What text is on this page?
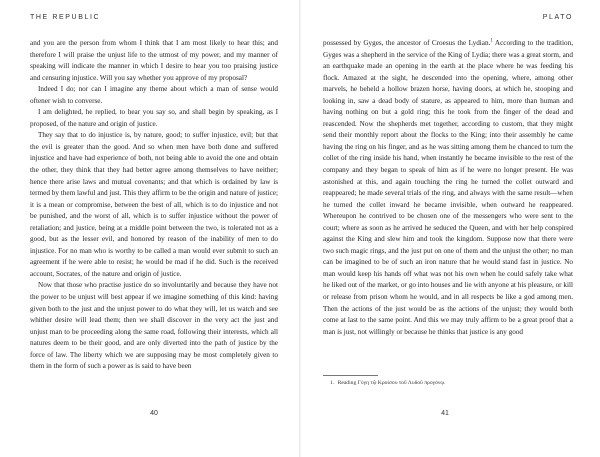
THE REPUBLIC

and you are the person from whom I think that I am most likely to hear this; and therefore I will praise the unjust life to the utmost of my power, and my manner of speaking will indicate the manner in which I desire to hear you too praising justice and censuring injustice. Will you say whether you approve of my proposal?

Indeed I do; nor can I imagine any theme about which a man of sense would oftener wish to converse.

I am delighted, he replied, to hear you say so, and shall begin by speaking, as I proposed, of the nature and origin of justice.

They say that to do injustice is, by nature, good; to suffer injustice, evil; but that the evil is greater than the good. And so when men have both done and suffered injustice and have had experience of both, not being able to avoid the one and obtain the other, they think that they had better agree among themselves to have neither; hence there arise laws and mutual covenants; and that which is ordained by law is termed by them lawful and just. This they affirm to be the origin and nature of justice; it is a mean or compromise, between the best of all, which is to do injustice and not be punished, and the worst of all, which is to suffer injustice without the power of retaliation; and justice, being at a middle point between the two, is tolerated not as a good, but as the lesser evil, and honored by reason of the inability of men to do injustice. For no man who is worthy to be called a man would ever submit to such an agreement if he were able to resist; he would be mad if he did. Such is the received account, Socrates, of the nature and origin of justice.

Now that those who practise justice do so involuntarily and because they have not the power to be unjust will best appear if we imagine something of this kind: having given both to the just and the unjust power to do what they will, let us watch and see whither desire will lead them; then we shall discover in the very act the just and unjust man to be proceeding along the same road, following their interests, which all natures deem to be their good, and are only diverted into the path of justice by the force of law. The liberty which we are supposing may be most completely given to them in the form of such a power as is said to have been

40
PLATO

possessed by Gyges, the ancestor of Croesus the Lydian.$^1$ According to the tradition, Gyges was a shepherd in the service of the King of Lydia; there was a great storm, and an earthquake made an opening in the earth at the place where he was feeding his flock. Amazed at the sight, he descended into the opening, where, among other marvels, he beheld a hollow brazen horse, having doors, at which he, stooping and looking in, saw a dead body of stature, as appeared to him, more than human and having nothing on but a gold ring; this he took from the finger of the dead and reascended. Now the shepherds met together, according to custom, that they might send their monthly report about the flocks to the King; into their assembly he came having the ring on his finger, and as he was sitting among them he chanced to turn the collet of the ring inside his hand, when instantly he became invisible to the rest of the company and they began to speak of him as if he were no longer present. He was astonished at this, and again touching the ring he turned the collet outward and reappeared; he made several trials of the ring, and always with the same result—when he turned the collet inward he became invisible, when outward he reappeared. Whereupon he contrived to be chosen one of the messengers who were sent to the court; where as soon as he arrived he seduced the Queen, and with her help conspired against the King and slew him and took the kingdom. Suppose now that there were two such magic rings, and the just put on one of them and the unjust the other; no man can be imagined to be of such an iron nature that he would stand fast in justice. No man would keep his hands off what was not his own when he could safely take what he liked out of the market, or go into houses and lie with anyone at his pleasure, or kill or release from prison whom he would, and in all respects be like a god among men. Then the actions of the just would be as the actions of the unjust; they would both come at last to the same point. And this we may truly affirm to be a great proof that a man is just, not willingly or because he thinks that justice is any good

1. Reading Γύγη τῷ Κροίσου τοῦ Λυδοῦ προγόνῳ.
41
